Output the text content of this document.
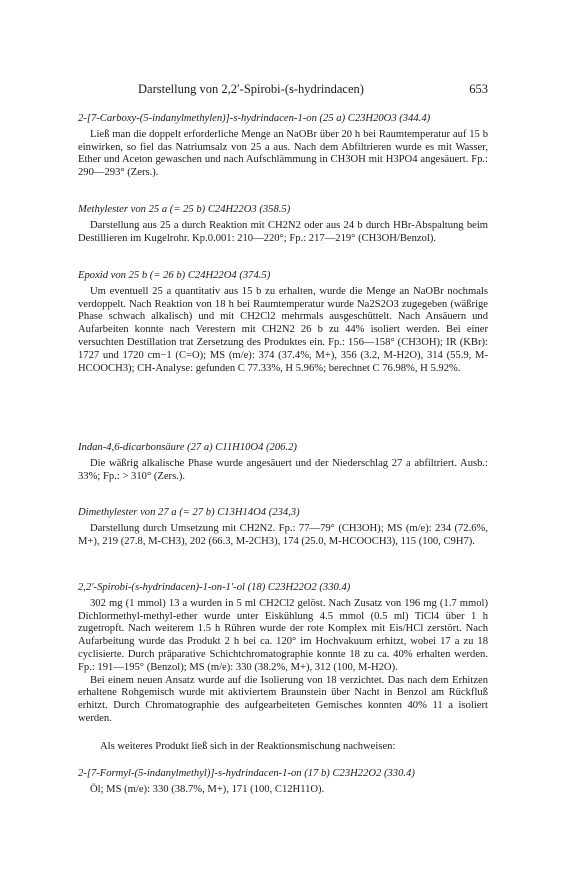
Darstellung von 2,2′-Spirobi-(s-hydrindacen)	653

2-[7-Carboxy-(5-indanylmethylen)]-s-hydrindacen-1-on (25 a) C23H20O3 (344.4)

Ließ man die doppelt erforderliche Menge an NaOBr über 20 h bei Raumtemperatur auf 15 b einwirken, so fiel das Natriumsalz von 25 a aus. Nach dem Abfiltrieren wurde es mit Wasser, Ether und Aceton gewaschen und nach Aufschlämmung in CH3OH mit H3PO4 angesäuert. Fp.: 290—293° (Zers.).

Methylester von 25 a (= 25 b) C24H22O3 (358.5)

Darstellung aus 25 a durch Reaktion mit CH2N2 oder aus 24 b durch HBr-Abspaltung beim Destillieren im Kugelrohr. Kp.0.001: 210—220°; Fp.: 217—219° (CH3OH/Benzol).

Epoxid von 25 b (= 26 b) C24H22O4 (374.5)

Um eventuell 25 a quantitativ aus 15 b zu erhalten, wurde die Menge an NaOBr nochmals verdoppelt. Nach Reaktion von 18 h bei Raumtemperatur wurde Na2S2O3 zugegeben (wäßrige Phase schwach alkalisch) und mit CH2Cl2 mehrmals ausgeschüttelt. Nach Ansäuern und Aufarbeiten konnte nach Verestern mit CH2N2 26 b zu 44% isoliert werden. Bei einer versuchten Destillation trat Zersetzung des Produktes ein. Fp.: 156—158° (CH3OH); IR (KBr): 1727 und 1720 cm−1 (C=O); MS (m/e): 374 (37.4%, M+), 356 (3.2, M-H2O), 314 (55.9, M-HCOOCH3); CH-Analyse: gefunden C 77.33%, H 5.96%; berechnet C 76.98%, H 5.92%.

Indan-4,6-dicarbonsäure (27 a) C11H10O4 (206.2)

Die wäßrig alkalische Phase wurde angesäuert und der Niederschlag 27 a abfiltriert. Ausb.: 33%; Fp.: > 310° (Zers.).

Dimethylester von 27 a (= 27 b) C13H14O4 (234,3)

Darstellung durch Umsetzung mit CH2N2. Fp.: 77—79° (CH3OH); MS (m/e): 234 (72.6%, M+), 219 (27.8, M-CH3), 202 (66.3, M-2CH3), 174 (25.0, M-HCOOCH3), 115 (100, C9H7).

2,2′-Spirobi-(s-hydrindacen)-1-on-1′-ol (18) C23H22O2 (330.4)

302 mg (1 mmol) 13 a wurden in 5 ml CH2Cl2 gelöst. Nach Zusatz von 196 mg (1.7 mmol) Dichlormethyl-methyl-ether wurde unter Eiskühlung 4.5 mmol (0.5 ml) TiCl4 über 1 h zugetropft. Nach weiterem 1.5 h Rühren wurde der rote Komplex mit Eis/HCl zerstört. Nach Aufarbeitung wurde das Produkt 2 h bei ca. 120° im Hochvakuum erhitzt, wobei 17 a zu 18 cyclisierte. Durch präparative Schichtchromatographie konnte 18 zu ca. 40% erhalten werden. Fp.: 191—195° (Benzol); MS (m/e): 330 (38.2%, M+), 312 (100, M-H2O).

Bei einem neuen Ansatz wurde auf die Isolierung von 18 verzichtet. Das nach dem Erhitzen erhaltene Rohgemisch wurde mit aktiviertem Braunstein über Nacht in Benzol am Rückfluß erhitzt. Durch Chromatographie des aufgearbeiteten Gemisches konnten 40% 11 a isoliert werden.

Als weiteres Produkt ließ sich in der Reaktionsmischung nachweisen:

2-[7-Formyl-(5-indanylmethyl)]-s-hydrindacen-1-on (17 b) C23H22O2 (330.4)

Öl; MS (m/e): 330 (38.7%, M+), 171 (100, C12H11O).
